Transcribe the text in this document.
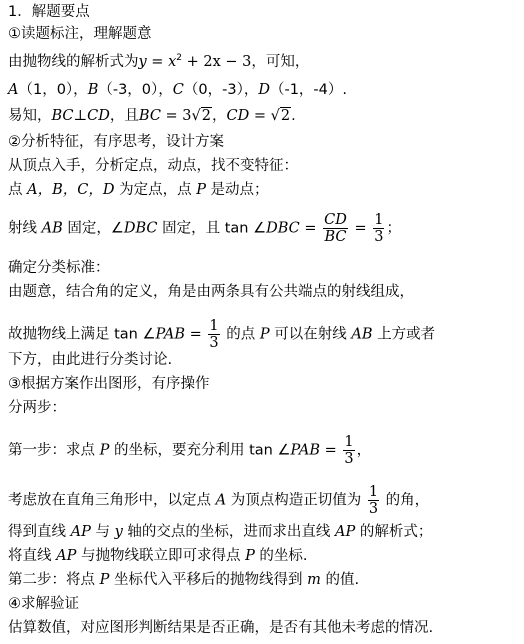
1．解题要点
①读题标注，理解题意
由抛物线的解析式为$y = x^2 + 2x - 3$，可知，
A（1，0），B（-3，0），C（0，-3），D（-1，-4）.
易知，BC⊥CD，且BC = 3√2，CD = √2.
②分析特征，有序思考，设计方案
从顶点入手，分析定点，动点，找不变特征：
点 A，B，C，D 为定点，点 P 是动点；
射线 AB 固定，∠DBC 固定，且 tan ∠DBC = $\frac{CD}{BC} = \frac{1}{3}$ ；
确定分类标准：
由题意，结合角的定义，角是由两条具有公共端点的射线组成，
故抛物线上满足 tan ∠PAB = $\frac{1}{3}$ 的点 P 可以在射线 AB 上方或者
下方，由此进行分类讨论.
③根据方案作出图形，有序操作
分两步：
第一步：求点 P 的坐标，要充分利用 tan ∠PAB = $\frac{1}{3}$ ，
考虑放在直角三角形中，以定点 A 为顶点构造正切值为 $\frac{1}{3}$ 的角，
得到直线 AP 与 y 轴的交点的坐标，进而求出直线 AP 的解析式；
将直线 AP 与抛物线联立即可求得点 P 的坐标.
第二步：将点 P 坐标代入平移后的抛物线得到 m 的值.
④求解验证
估算数值，对应图形判断结果是否正确，是否有其他未考虑的情况.
